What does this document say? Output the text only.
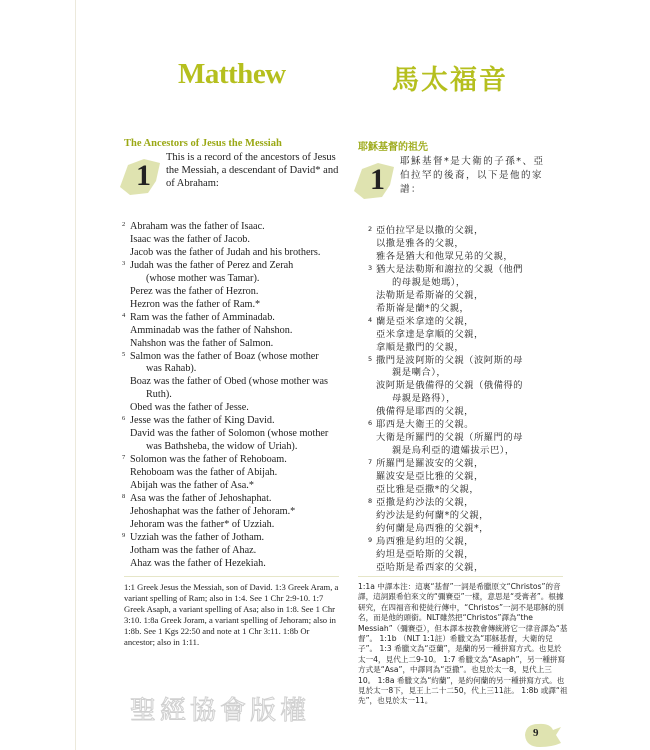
Matthew	馬太福音
The Ancestors of Jesus the Messiah
1
This is a record of the ancestors of Jesus
the Messiah, a descendant of David* and
of Abraham:
2 Abraham was the father of Isaac.
Isaac was the father of Jacob.
Jacob was the father of Judah and his brothers.
3 Judah was the father of Perez and Zerah
(whose mother was Tamar).
Perez was the father of Hezron.
Hezron was the father of Ram.*
4 Ram was the father of Amminadab.
Amminadab was the father of Nahshon.
Nahshon was the father of Salmon.
5 Salmon was the father of Boaz (whose mother
was Rahab).
Boaz was the father of Obed (whose mother was
Ruth).
Obed was the father of Jesse.
6 Jesse was the father of King David.
David was the father of Solomon (whose mother
was Bathsheba, the widow of Uriah).
7 Solomon was the father of Rehoboam.
Rehoboam was the father of Abijah.
Abijah was the father of Asa.*
8 Asa was the father of Jehoshaphat.
Jehoshaphat was the father of Jehoram.*
Jehoram was the father* of Uzziah.
9 Uzziah was the father of Jotham.
Jotham was the father of Ahaz.
Ahaz was the father of Hezekiah.
耶穌基督的祖先
1
耶穌基督*是大衛的子孫*、亞
伯拉罕的後裔，以下是他的家
譜：
2 亞伯拉罕是以撒的父親，
以撒是雅各的父親，
雅各是猶大和他眾兄弟的父親，
3 猶大是法勒斯和謝拉的父親（他們
的母親是她瑪），
法勒斯是希斯崙的父親，
希斯崙是蘭*的父親，
4 蘭是亞米拿達的父親，
亞米拿達是拿順的父親，
拿順是撒門的父親，
5 撒門是波阿斯的父親（波阿斯的母
親是喇合），
波阿斯是俄備得的父親（俄備得的
母親是路得），
俄備得是耶西的父親，
6 耶西是大衛王的父親。
大衛是所羅門的父親（所羅門的母
親是烏利亞的遺孀拔示巴），
7 所羅門是羅波安的父親，
羅波安是亞比雅的父親，
亞比雅是亞撒*的父親，
8 亞撒是約沙法的父親，
約沙法是約何蘭*的父親，
約何蘭是烏西雅的父親*，
9 烏西雅是約坦的父親，
約坦是亞哈斯的父親，
亞哈斯是希西家的父親，
1:1 Greek Jesus the Messiah, son of David. 1:3 Greek Aram, a variant spelling of Ram; also in 1:4. See 1 Chr 2:9-10. 1:7 Greek Asaph, a variant spelling of Asa; also in 1:8. See 1 Chr 3:10. 1:8a Greek Joram, a variant spelling of Jehoram; also in 1:8b. See 1 Kgs 22:50 and note at 1 Chr 3:11. 1:8b Or ancestor; also in 1:11.
1:1a 中譯本注：這裏“基督”一詞是希臘原文“Christos”的音譯，這詞跟希伯來文的“彌賽亞”一樣，意思是“受膏者”。根據研究，在四福音和使徒行傳中，“Christos”一詞不是耶穌的別名，而是他的頭銜。NLT雖然把“Christos”譯為“the Messiah”（彌賽亞），但本譯本按教會傳統將它一律音譯為“基督”。 1:1b （NLT 1:1註）希臘文為“耶穌基督，大衛的兒子”。 1:3 希臘文為“亞蘭”，是蘭的另一種拼寫方式。也見於太一4，見代上二9-10。 1:7 希臘文為“Asaph”，另一種拼寫方式是“Asa”，中譯同為“亞撒”。也見於太一8，見代上三10。 1:8a 希臘文為“約蘭”，是約何蘭的另一種拼寫方式。也見於太一8下，見王上二十二50，代上三11註。 1:8b 或譯“祖先”，也見於太一11。
聖經協會版權
9
